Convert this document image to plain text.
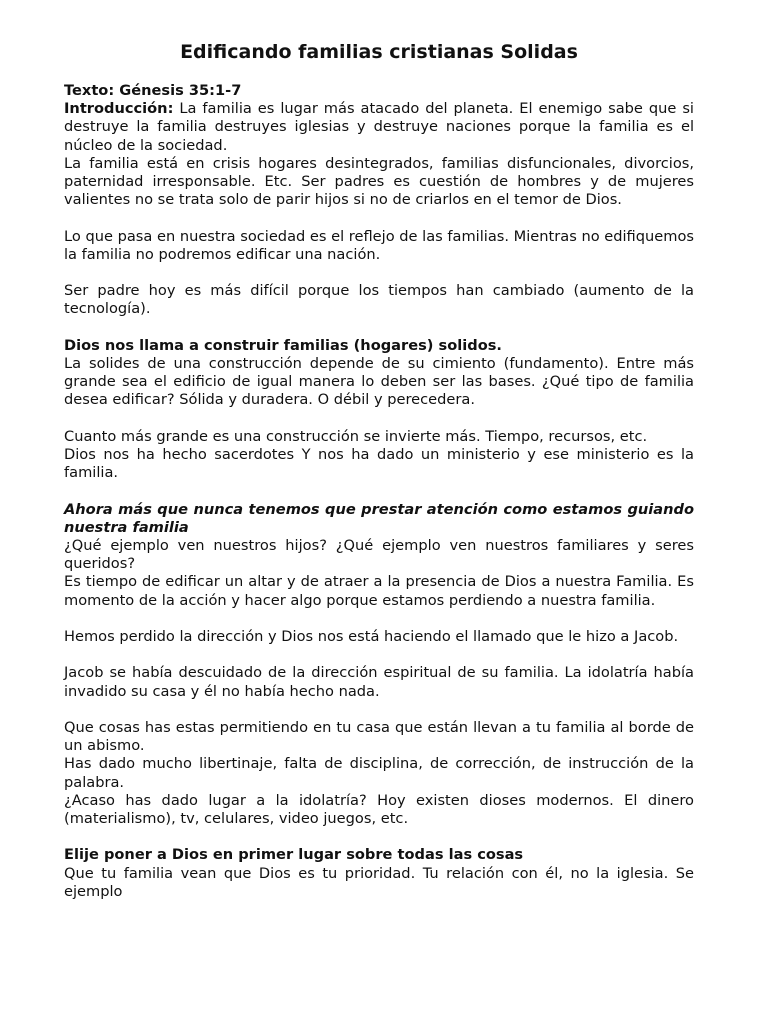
Edificando familias cristianas Solidas

Texto: Génesis 35:1-7

Introducción: La familia es lugar más atacado del planeta. El enemigo sabe que si destruye la familia destruyes iglesias y destruye naciones porque la familia es el núcleo de la sociedad.

La familia está en crisis hogares desintegrados, familias disfuncionales, divorcios, paternidad irresponsable. Etc. Ser padres es cuestión de hombres y de mujeres valientes no se trata solo de parir hijos si no de criarlos en el temor de Dios.

Lo que pasa en nuestra sociedad es el reflejo de las familias. Mientras no edifiquemos la familia no podremos edificar una nación.

Ser padre hoy es más difícil porque los tiempos han cambiado (aumento de la tecnología).

Dios nos llama a construir familias (hogares) solidos.

La solides de una construcción depende de su cimiento (fundamento). Entre más grande sea el edificio de igual manera lo deben ser las bases. ¿Qué tipo de familia desea edificar? Sólida y duradera. O débil y perecedera.

Cuanto más grande es una construcción se invierte más. Tiempo, recursos, etc.

Dios nos ha hecho sacerdotes Y nos ha dado un ministerio y ese ministerio es la familia.

Ahora más que nunca tenemos que prestar atención como estamos guiando nuestra familia

¿Qué ejemplo ven nuestros hijos? ¿Qué ejemplo ven nuestros familiares y seres queridos?

Es tiempo de edificar un altar y de atraer a la presencia de Dios a nuestra Familia. Es momento de la acción y hacer algo porque estamos perdiendo a nuestra familia.

Hemos perdido la dirección y Dios nos está haciendo el llamado que le hizo a Jacob.

Jacob se había descuidado de la dirección espiritual de su familia. La idolatría había invadido su casa y él no había hecho nada.

Que cosas has estas permitiendo en tu casa que están llevan a tu familia al borde de un abismo.

Has dado mucho libertinaje, falta de disciplina, de corrección, de instrucción de la palabra.

¿Acaso has dado lugar a la idolatría? Hoy existen dioses modernos. El dinero (materialismo), tv, celulares, video juegos, etc.

Elije poner a Dios en primer lugar sobre todas las cosas

Que tu familia vean que Dios es tu prioridad. Tu relación con él, no la iglesia. Se ejemplo
